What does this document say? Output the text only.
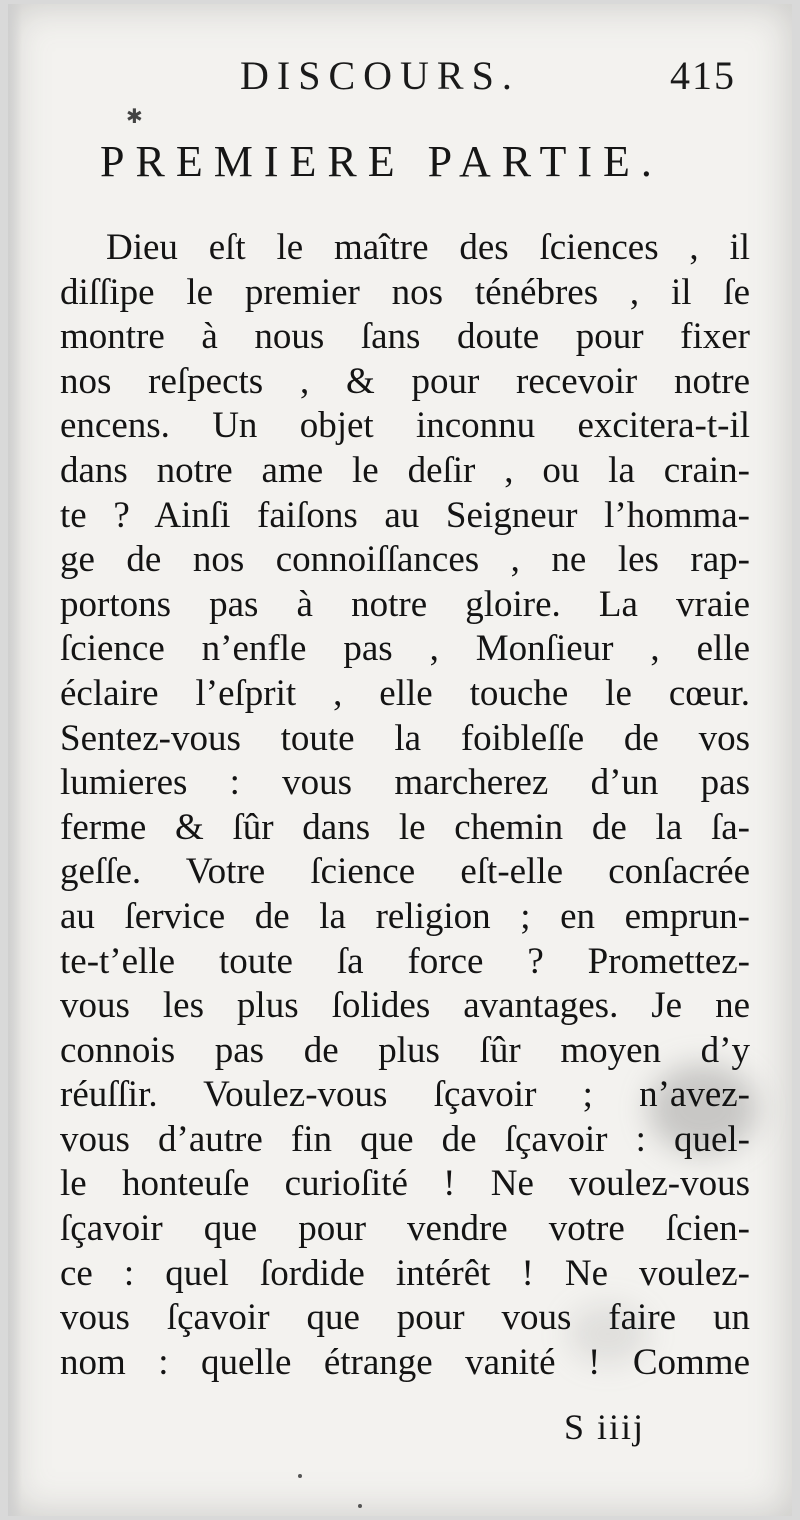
DISCOURS.	415
✱
PREMIERE PARTIE.
Dieu eſt le maître des ſciences , il
diſſipe le premier nos ténébres , il ſe
montre à nous ſans doute pour fixer
nos reſpects , & pour recevoir notre
encens. Un objet inconnu excitera-t-il
dans notre ame le deſir , ou la crain-
te ? Ainſi faiſons au Seigneur l’homma-
ge de nos connoiſſances , ne les rap-
portons pas à notre gloire. La vraie
ſcience n’enfle pas , Monſieur , elle
éclaire l’eſprit , elle touche le cœur.
Sentez-vous toute la foibleſſe de vos
lumieres : vous marcherez d’un pas
ferme & ſûr dans le chemin de la ſa-
geſſe. Votre ſcience eſt-elle conſacrée
au ſervice de la religion ; en emprun-
te-t’elle toute ſa force ? Promettez-
vous les plus ſolides avantages. Je ne
connois pas de plus ſûr moyen d’y
réuſſir. Voulez-vous ſçavoir ; n’avez-
vous d’autre fin que de ſçavoir : quel-
le honteuſe curioſité ! Ne voulez-vous
ſçavoir que pour vendre votre ſcien-
ce : quel ſordide intérêt ! Ne voulez-
vous ſçavoir que pour vous faire un
nom : quelle étrange vanité ! Comme
S iiij
